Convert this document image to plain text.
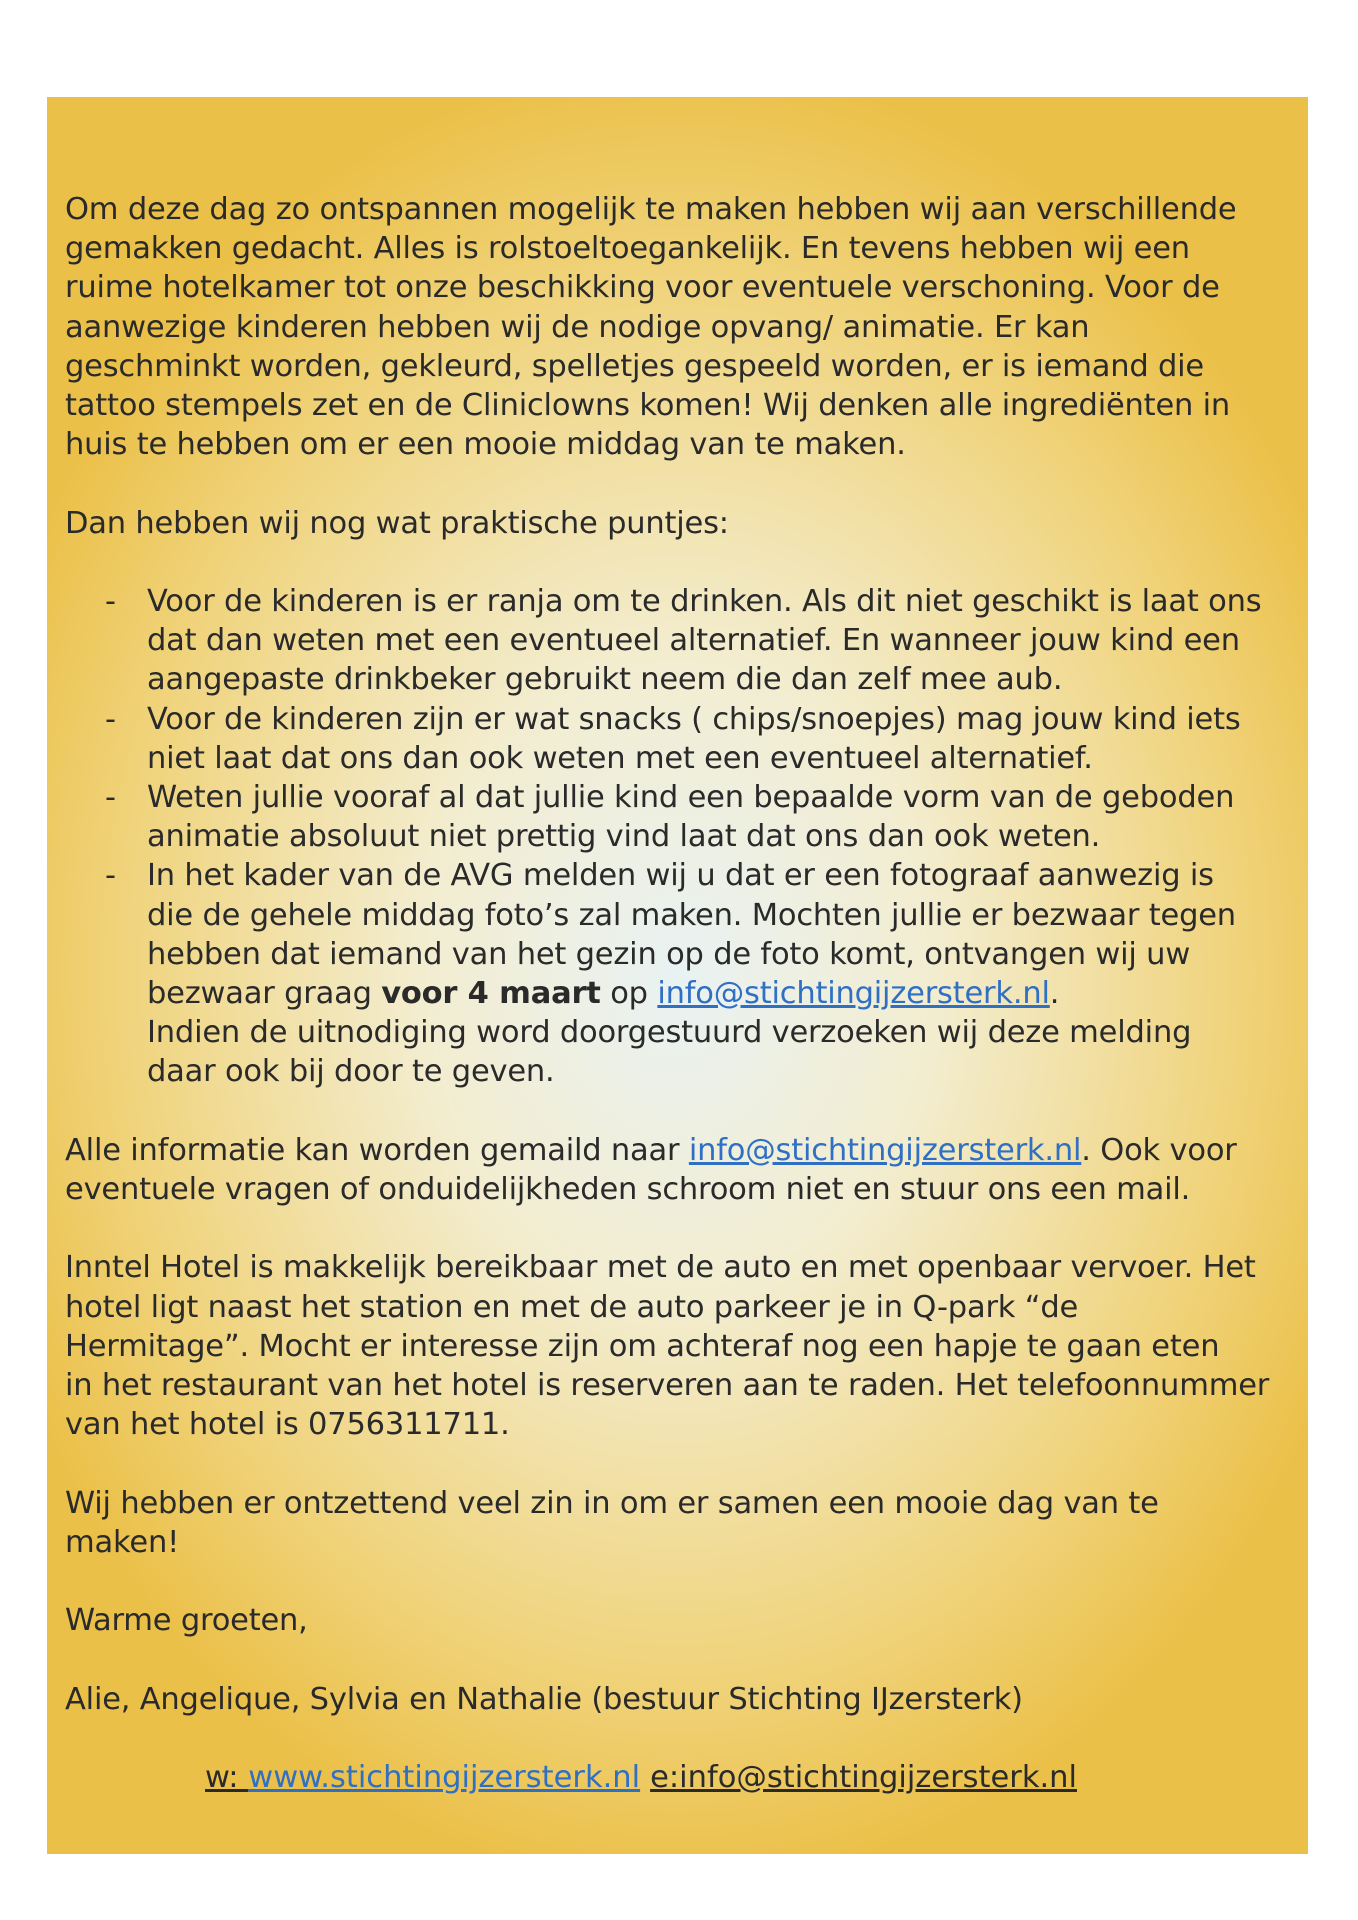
Om deze dag zo ontspannen mogelijk te maken hebben wij aan verschillende
gemakken gedacht. Alles is rolstoeltoegankelijk. En tevens hebben wij een
ruime hotelkamer tot onze beschikking voor eventuele verschoning. Voor de
aanwezige kinderen hebben wij de nodige opvang/ animatie. Er kan
geschminkt worden, gekleurd, spelletjes gespeeld worden, er is iemand die
tattoo stempels zet en de Cliniclowns komen! Wij denken alle ingrediënten in
huis te hebben om er een mooie middag van te maken.

Dan hebben wij nog wat praktische puntjes:

- Voor de kinderen is er ranja om te drinken. Als dit niet geschikt is laat ons
dat dan weten met een eventueel alternatief. En wanneer jouw kind een
aangepaste drinkbeker gebruikt neem die dan zelf mee aub.
- Voor de kinderen zijn er wat snacks ( chips/snoepjes) mag jouw kind iets
niet laat dat ons dan ook weten met een eventueel alternatief.
- Weten jullie vooraf al dat jullie kind een bepaalde vorm van de geboden
animatie absoluut niet prettig vind laat dat ons dan ook weten.
- In het kader van de AVG melden wij u dat er een fotograaf aanwezig is
die de gehele middag foto’s zal maken. Mochten jullie er bezwaar tegen
hebben dat iemand van het gezin op de foto komt, ontvangen wij uw
bezwaar graag voor 4 maart op info@stichtingijzersterk.nl.
Indien de uitnodiging word doorgestuurd verzoeken wij deze melding
daar ook bij door te geven.

Alle informatie kan worden gemaild naar info@stichtingijzersterk.nl. Ook voor
eventuele vragen of onduidelijkheden schroom niet en stuur ons een mail.

Inntel Hotel is makkelijk bereikbaar met de auto en met openbaar vervoer. Het
hotel ligt naast het station en met de auto parkeer je in Q-park “de
Hermitage”. Mocht er interesse zijn om achteraf nog een hapje te gaan eten
in het restaurant van het hotel is reserveren aan te raden. Het telefoonnummer
van het hotel is 0756311711.

Wij hebben er ontzettend veel zin in om er samen een mooie dag van te
maken!

Warme groeten,

Alie, Angelique, Sylvia en Nathalie (bestuur Stichting IJzersterk)

w: www.stichtingijzersterk.nl e:info@stichtingijzersterk.nl
